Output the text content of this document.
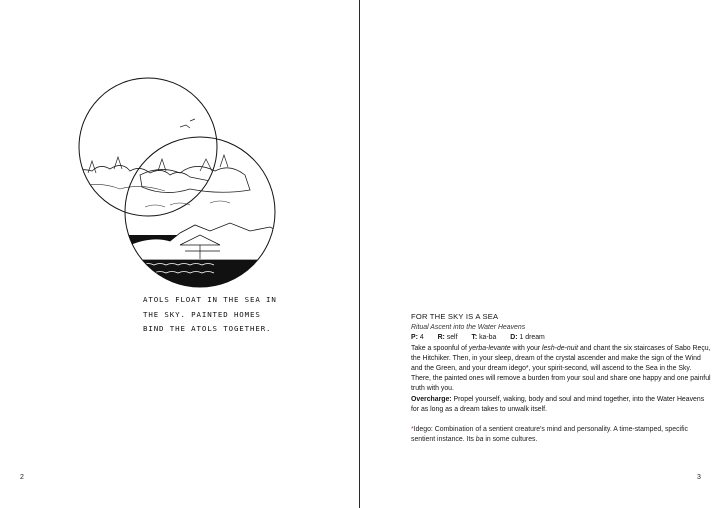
ATOLS FLOAT IN THE SEA IN
THE SKY. PAINTED HOMES
BIND THE ATOLS TOGETHER.
2
FOR THE SKY IS A SEA
Ritual Ascent into the Water Heavens
P: 4 R: self T: ka-ba D: 1 dream
Take a spoonful of yerba-levante with your lesh-de-nuit and chant the six staircases of Sabo Reçu, the Hitchiker. Then, in your sleep, dream of the crystal ascender and make the sign of the Wind and the Green, and your dream idego*, your spirit-second, will ascend to the Sea in the Sky. There, the painted ones will remove a burden from your soul and share one happy and one painful truth with you.
Overcharge: Propel yourself, waking, body and soul and mind together, into the Water Heavens for as long as a dream takes to unwalk itself.
*Idego: Combination of a sentient creature's mind and personality. A time-stamped, specific sentient instance. Its ba in some cultures.
3
